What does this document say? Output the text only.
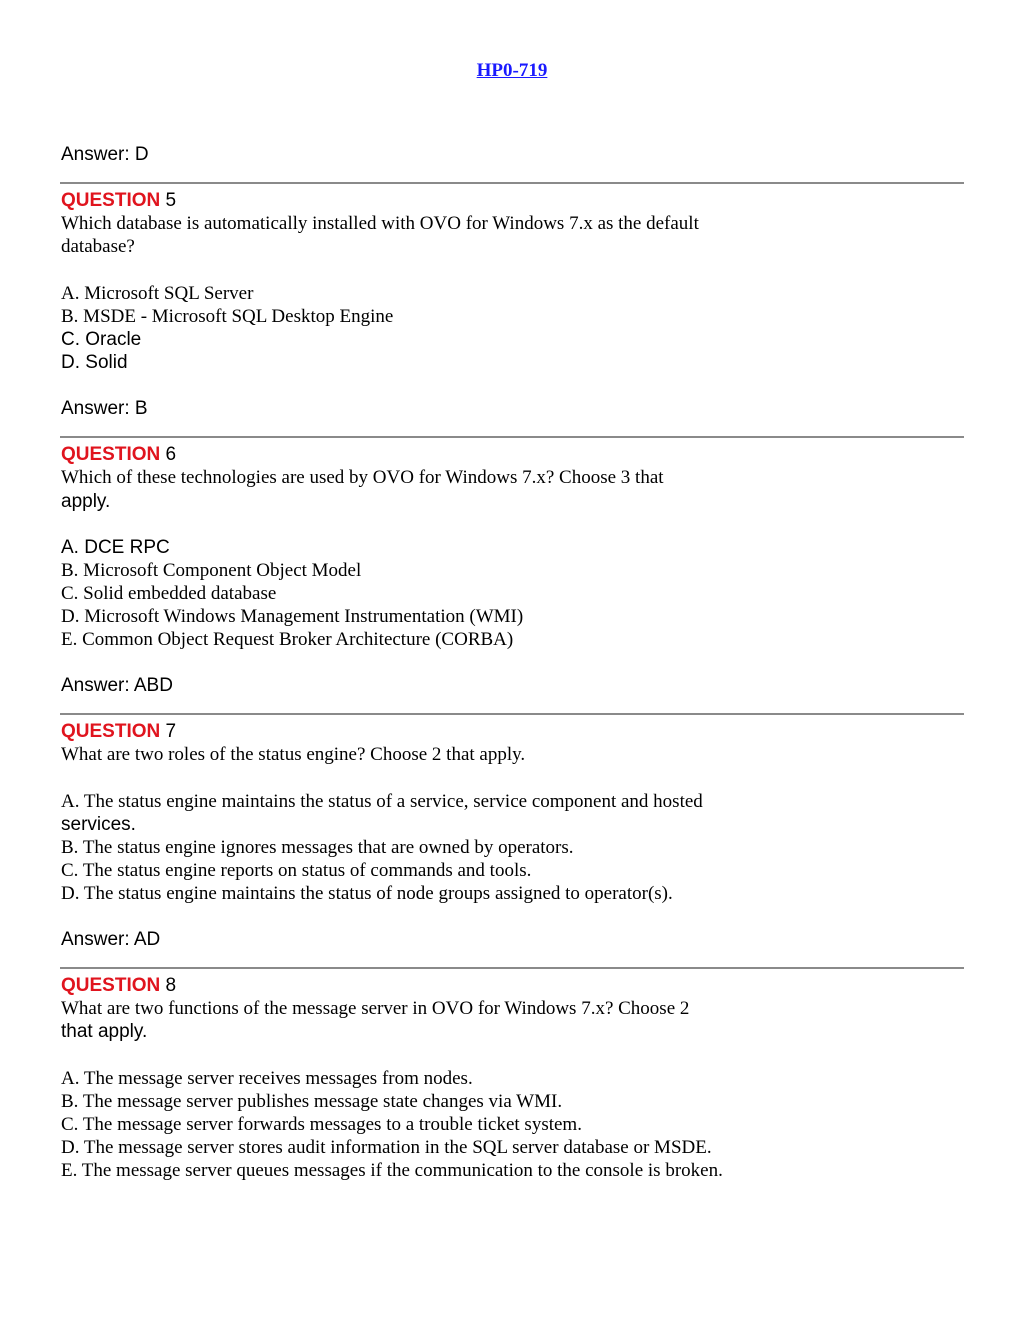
HP0-719
Answer: D
QUESTION 5
Which database is automatically installed with OVO for Windows 7.x as the default
database?
A. Microsoft SQL Server
B. MSDE - Microsoft SQL Desktop Engine
C. Oracle
D. Solid
Answer: B
QUESTION 6
Which of these technologies are used by OVO for Windows 7.x? Choose 3 that
apply.
A. DCE RPC
B. Microsoft Component Object Model
C. Solid embedded database
D. Microsoft Windows Management Instrumentation (WMI)
E. Common Object Request Broker Architecture (CORBA)
Answer: ABD
QUESTION 7
What are two roles of the status engine? Choose 2 that apply.
A. The status engine maintains the status of a service, service component and hosted
services.
B. The status engine ignores messages that are owned by operators.
C. The status engine reports on status of commands and tools.
D. The status engine maintains the status of node groups assigned to operator(s).
Answer: AD
QUESTION 8
What are two functions of the message server in OVO for Windows 7.x? Choose 2
that apply.
A. The message server receives messages from nodes.
B. The message server publishes message state changes via WMI.
C. The message server forwards messages to a trouble ticket system.
D. The message server stores audit information in the SQL server database or MSDE.
E. The message server queues messages if the communication to the console is broken.
